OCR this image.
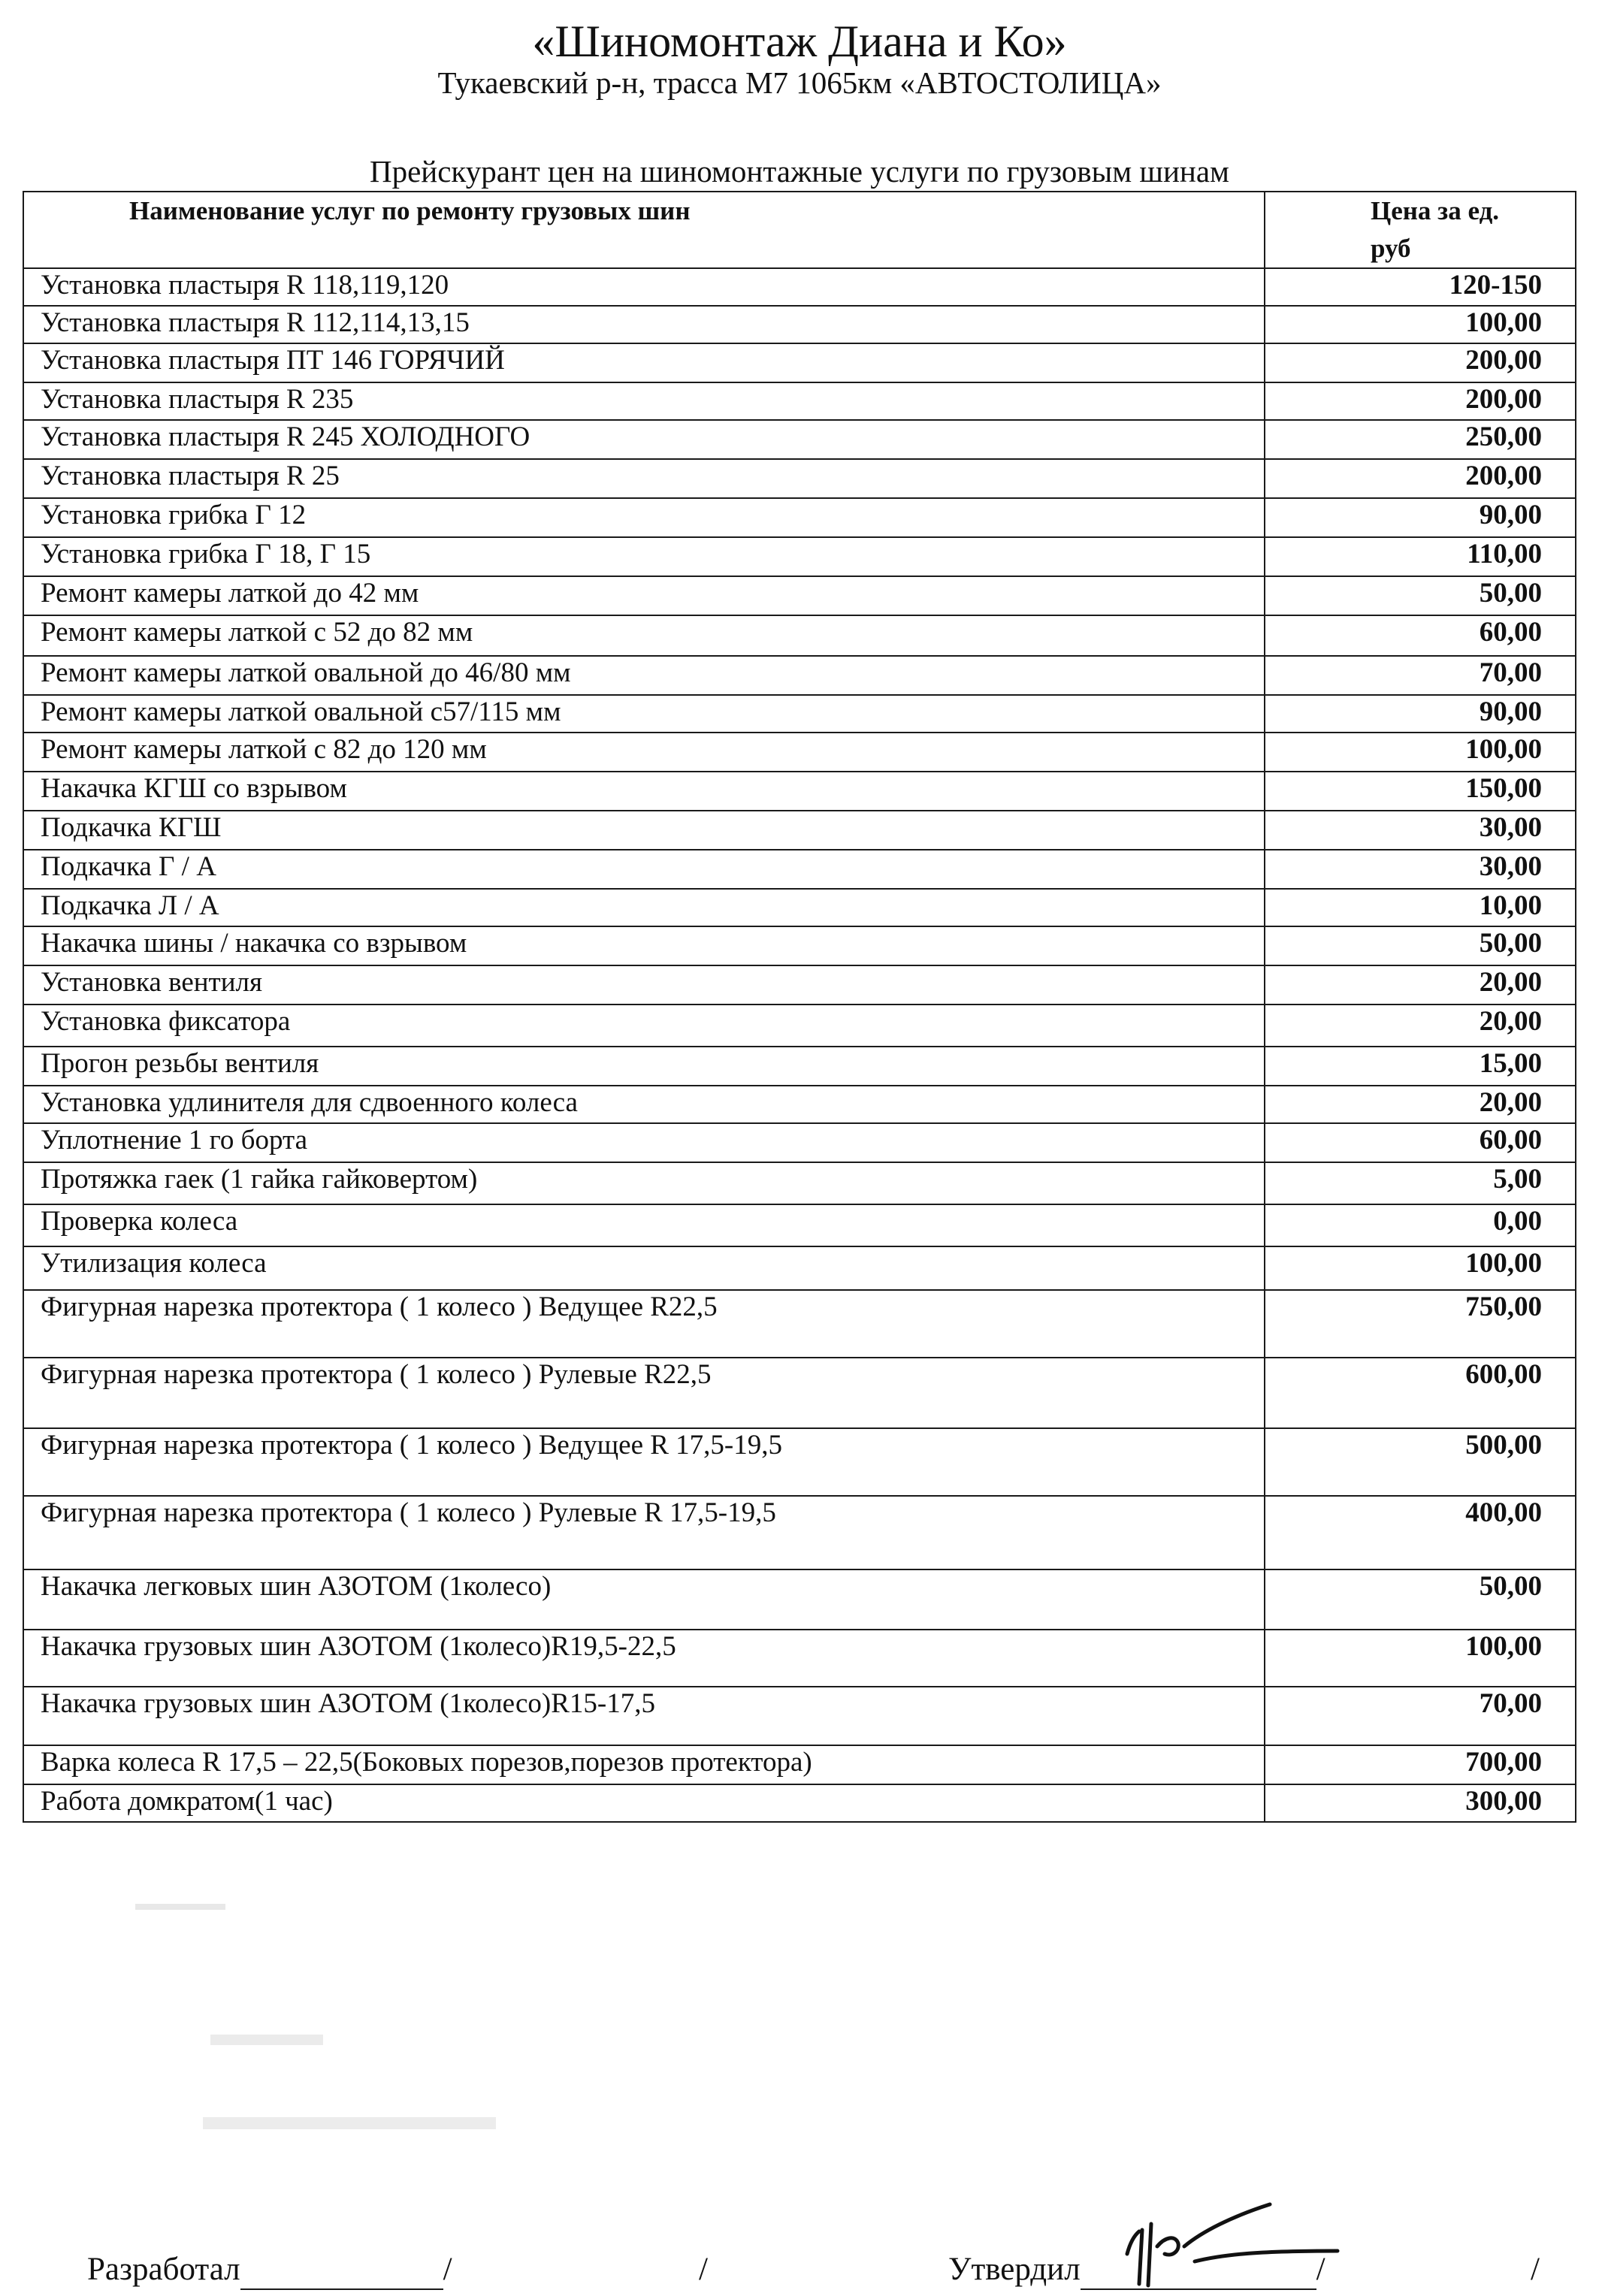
«Шиномонтаж Диана и Ко»
Тукаевский р-н, трасса М7 1065км «АВТОСТОЛИЦА»
Прейскурант цен на шиномонтажные услуги по грузовым шинам
Наименование услуг по ремонту грузовых шин	Цена за ед.
руб

Установка пластыря R 118,119,120	120-150
Установка пластыря R 112,114,13,15	100,00
Установка пластыря ПТ 146 ГОРЯЧИЙ	200,00
Установка пластыря R 235	200,00
Установка пластыря R 245 ХОЛОДНОГО	250,00
Установка пластыря R 25	200,00
Установка грибка Г 12	90,00
Установка грибка Г 18, Г 15	110,00
Ремонт камеры латкой до 42 мм	50,00
Ремонт камеры латкой с 52 до 82 мм	60,00
Ремонт камеры латкой овальной до 46/80 мм	70,00
Ремонт камеры латкой овальной с57/115 мм	90,00
Ремонт камеры латкой с 82 до 120 мм	100,00
Накачка КГШ со взрывом	150,00
Подкачка КГШ	30,00
Подкачка Г / А	30,00
Подкачка Л / А	10,00
Накачка шины / накачка со взрывом	50,00
Установка вентиля	20,00
Установка фиксатора	20,00
Прогон резьбы вентиля	15,00
Установка удлинителя для сдвоенного колеса	20,00
Уплотнение 1 го борта	60,00
Протяжка гаек (1 гайка гайковертом)	5,00
Проверка колеса	0,00
Утилизация колеса	100,00
Фигурная нарезка протектора ( 1 колесо ) Ведущее R22,5	750,00
Фигурная нарезка протектора ( 1 колесо ) Рулевые R22,5	600,00
Фигурная нарезка протектора ( 1 колесо ) Ведущее R 17,5-19,5	500,00
Фигурная нарезка протектора ( 1 колесо ) Рулевые R 17,5-19,5	400,00
Накачка легковых шин АЗОТОМ (1колесо)	50,00
Накачка грузовых шин АЗОТОМ (1колесо)R19,5-22,5	100,00
Накачка грузовых шин АЗОТОМ (1колесо)R15-17,5	70,00
Варка колеса R 17,5 – 22,5(Боковых порезов,порезов протектора)	700,00
Работа домкратом(1 час)	300,00
Разработал	/	/	Утвердил	/	/
